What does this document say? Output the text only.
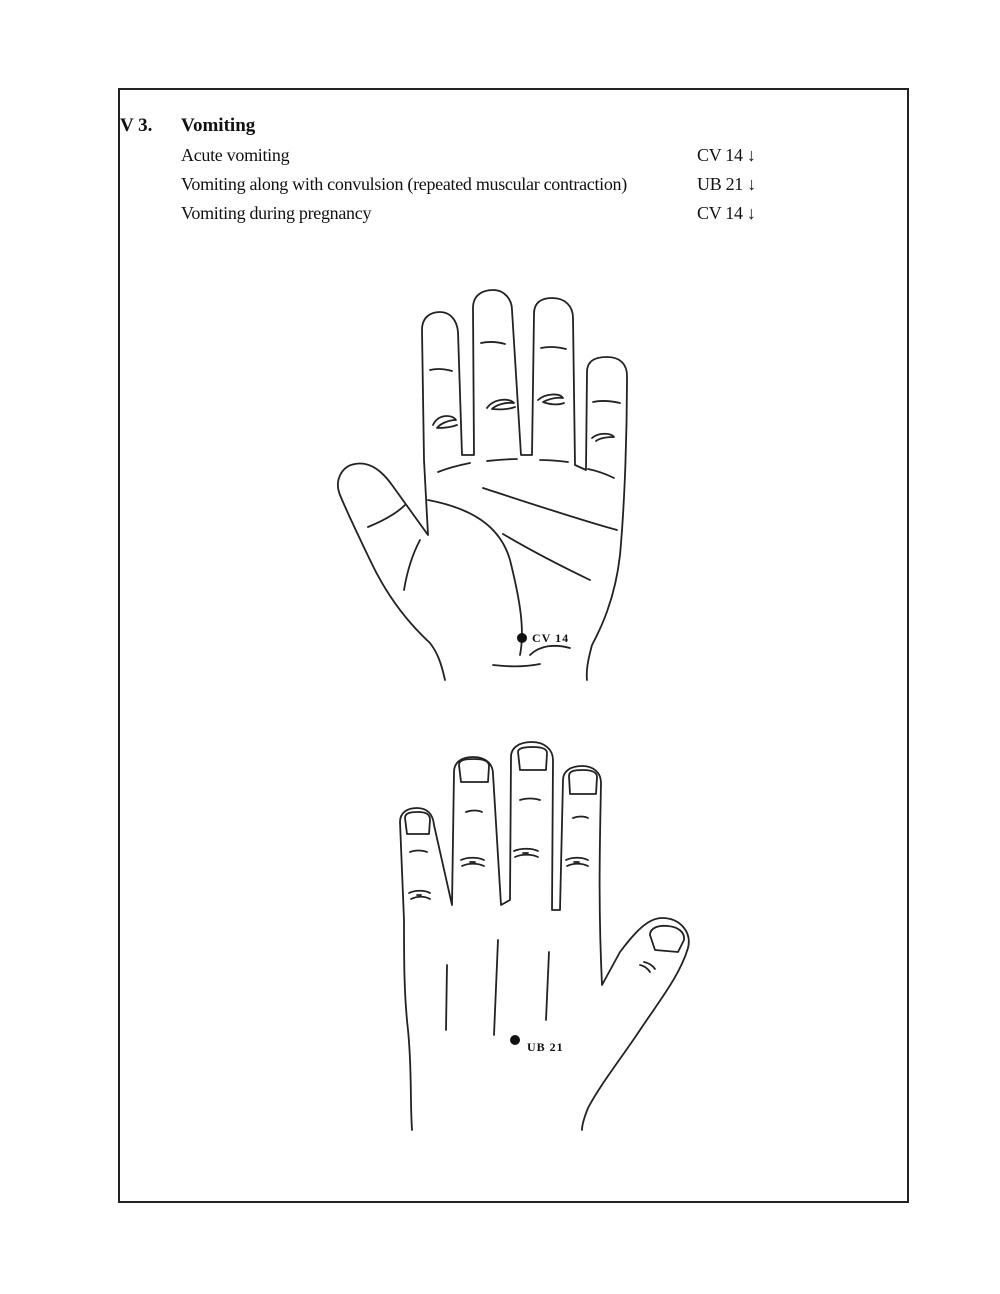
V 3. Vomiting
Acute vomiting	CV 14 ↓
Vomiting along with convulsion (repeated muscular contraction)	UB 21 ↓
Vomiting during pregnancy	CV 14 ↓
CV 14
UB 21
